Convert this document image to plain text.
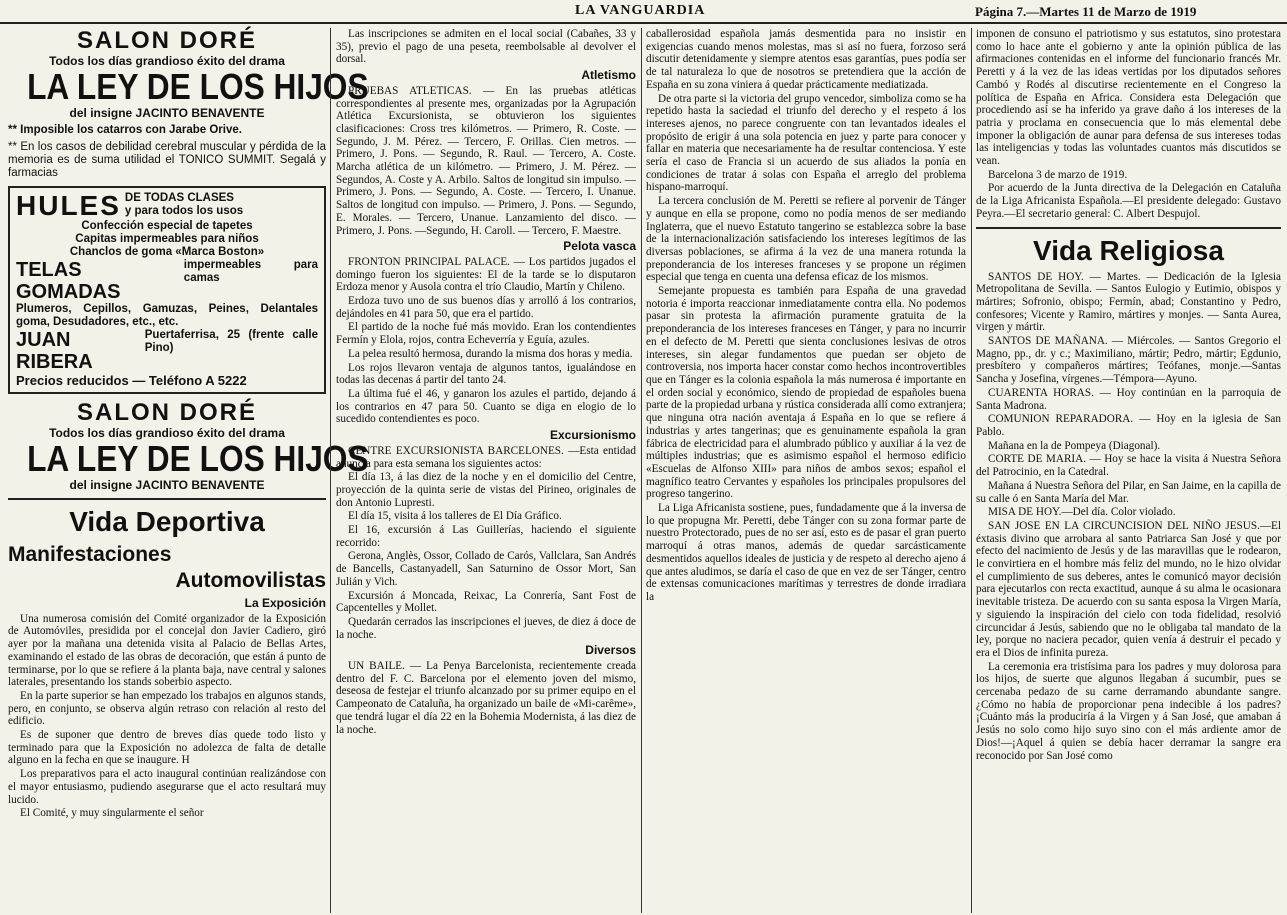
LA VANGUARDIA	Página 7.—Martes 11 de Marzo de 1919
SALON DORÉ
Todos los días grandioso éxito del drama
LA LEY DE LOS HIJOS
del insigne JACINTO BENAVENTE
** Imposible los catarros con Jarabe Orive.
** En los casos de debilidad cerebral muscular y pérdida de la memoria es de suma utilidad el TONICO SUMMIT. Segalá y farmacias
HULES DE TODAS CLASES
y para todos los usos
Confección especial de tapetes
Capitas impermeables para niños
Chanclos de goma «Marca Boston»
TELAS GOMADAS
impermeables para camas
Plumeros, Cepillos, Gamuzas, Peines, Delantales goma, Desudadores, etc., etc.
JUAN RIBERA
Puertaferrisa, 25 (frente calle Pino)
Precios reducidos — Teléfono A 5222
SALON DORÉ
Todos los días grandioso éxito del drama
LA LEY DE LOS HIJOS
del insigne JACINTO BENAVENTE
Vida Deportiva
Manifestaciones
Automovilistas
La Exposición

Una numerosa comisión del Comité organizador de la Exposición de Automóviles, presidida por el concejal don Javier Cadiero, giró ayer por la mañana una detenida visita al Palacio de Bellas Artes, examinando el estado de las obras de decoración, que están á punto de terminarse, por lo que se refiere á la planta baja, nave central y salones laterales, presentando los stands soberbio aspecto.

En la parte superior se han empezado los trabajos en algunos stands, pero, en conjunto, se observa algún retraso con relación al resto del edificio.

Es de suponer que dentro de breves días quede todo listo y terminado para que la Exposición no adolezca de falta de detalle alguno en la fecha en que se inaugure. H

Los preparativos para el acto inaugural continúan realizándose con el mayor entusiasmo, pudiendo asegurarse que el acto resultará muy lucido.

El Comité, y muy singularmente el señor

Las inscripciones se admiten en el local social (Cabañes, 33 y 35), previo el pago de una peseta, reembolsable al devolver el dorsal.

Atletismo

PRUEBAS ATLETICAS. — En las pruebas atléticas correspondientes al presente mes, organizadas por la Agrupación Atlética Excursionista, se obtuvieron los siguientes clasificaciones: Cross tres kilómetros. — Primero, R. Coste. — Segundo, J. M. Pérez. — Tercero, F. Orillas. Cien metros. — Primero, J. Pons. — Segundo, R. Raul. — Tercero, A. Coste. Marcha atlética de un kilómetro. — Primero, J. M. Pérez. — Segundos, A. Coste y A. Arbilo. Saltos de longitud sin impulso. — Primero, J. Pons. — Segundo, A. Coste. — Tercero, I. Unanue. Saltos de longitud con impulso. — Primero, J. Pons. — Segundo, E. Morales. — Tercero, Unanue. Lanzamiento del disco. — Primero, J. Pons. —Segundo, H. Caroll. — Tercero, F. Maestre.

Pelota vasca

FRONTON PRINCIPAL PALACE. — Los partidos jugados el domingo fueron los siguientes: El de la tarde se lo disputaron Erdoza menor y Ausola contra el trío Claudio, Martín y Chileno.

Erdoza tuvo uno de sus buenos días y arrolló á los contrarios, dejándoles en 41 para 50, que era el partido.

El partido de la noche fué más movido. Eran los contendientes Fermín y Elola, rojos, contra Echeverría y Eguía, azules.

La pelea resultó hermosa, durando la misma dos horas y media.

Los rojos llevaron ventaja de algunos tantos, igualándose en todas las decenas á partir del tanto 24.

La última fué el 46, y ganaron los azules el partido, dejando á los contrarios en 47 para 50. Cuanto se diga en elogio de lo sucedido contendientes es poco.

Excursionismo

CENTRE EXCURSIONISTA BARCELONES. —Esta entidad anuncia para esta semana los siguientes actos:

El día 13, á las diez de la noche y en el domicilio del Centre, proyección de la quinta serie de vistas del Pirineo, originales de don Antonio Lupresti.

El día 15, visita á los talleres de El Día Gráfico.

El 16, excursión á Las Guillerías, haciendo el siguiente recorrido:

Gerona, Anglès, Ossor, Collado de Carós, Vallclara, San Andrés de Bancells, Castanyadell, San Saturnino de Ossor Mort, San Julián y Vich.

Excursión á Moncada, Reixac, La Conrería, Sant Fost de Capcentelles y Mollet.

Quedarán cerrados las inscripciones el jueves, de diez á doce de la noche.

Diversos

UN BAILE. — La Penya Barcelonista, recientemente creada dentro del F. C. Barcelona por el elemento joven del mismo, deseosa de festejar el triunfo alcanzado por su primer equipo en el Campeonato de Cataluña, ha organizado un baile de «Mi-carême», que tendrá lugar el día 22 en la Bohemia Modernista, á las diez de la noche.

caballerosidad española jamás desmentida para no insistir en exigencias cuando menos molestas, mas si así no fuera, forzoso será discutir detenidamente y siempre atentos esas garantías, pues podía ser de tal naturaleza lo que de nosotros se pretendiera que la acción de España en su zona viniera á quedar prácticamente mediatizada.

De otra parte si la victoria del grupo vencedor, simboliza como se ha repetido hasta la saciedad el triunfo del derecho y el respeto á los intereses ajenos, no parece congruente con tan levantados ideales el propósito de erigir á una sola potencia en juez y parte para conocer y fallar en materia que necesariamente ha de resultar contenciosa. Y este sería el caso de Francia si un acuerdo de sus aliados la ponía en condiciones de tratar á solas con España el arreglo del problema hispano-marroquí.

La tercera conclusión de M. Peretti se refiere al porvenir de Tánger y aunque en ella se propone, como no podía menos de ser mediando Inglaterra, que el nuevo Estatuto tangerino se establezca sobre la base de la internacionalización satisfaciendo los intereses legítimos de las diversas poblaciones, se afirma á la vez de una manera rotunda la preponderancia de los intereses franceses y se propone un régimen especial que tenga en cuenta una defensa eficaz de los mismos.

Semejante propuesta es también para España de una gravedad notoria é importa reaccionar inmediatamente contra ella. No podemos pasar sin protesta la afirmación puramente gratuita de la preponderancia de los intereses franceses en Tánger, y para no incurrir en el defecto de M. Peretti que sienta conclusiones lesivas de otros intereses, sin alegar fundamentos que puedan ser objeto de controversia, nos importa hacer constar como hechos incontrovertibles que en Tánger es la colonia española la más numerosa é importante en el orden social y económico, siendo de propiedad de españoles buena parte de la propiedad urbana y rústica considerada allí como extranjera; que ninguna otra nación aventaja á España en lo que se refiere á industrias y artes tangerinas; que es genuinamente española la gran fábrica de electricidad para el alumbrado público y auxiliar á la vez de múltiples industrias; que es asimismo español el hermoso edificio «Escuelas de Alfonso XIII» para niños de ambos sexos; español el magnífico teatro Cervantes y españoles los principales propulsores del progreso tangerino.

La Liga Africanista sostiene, pues, fundadamente que á la inversa de lo que propugna Mr. Peretti, debe Tánger con su zona formar parte de nuestro Protectorado, pues de no ser así, esto es de pasar el gran puerto marroquí á otras manos, además de quedar sarcásticamente desmentidos aquellos ideales de justicia y de respeto al derecho ajeno á que antes aludimos, se daría el caso de que en vez de ser Tánger, centro de extensas comunicaciones marítimas y terrestres de donde irradiara la

imponen de consuno el patriotismo y sus estatutos, sino protestara como lo hace ante el gobierno y ante la opinión pública de las afirmaciones contenidas en el informe del funcionario francés Mr. Peretti y á la vez de las ideas vertidas por los diputados señores Cambó y Rodés al discutirse recientemente en el Congreso la política de España en Africa. Considera esta Delegación que procediendo así se ha inferido ya grave daño á los intereses de la patria y proclama en consecuencia que lo más elemental debe imponer la obligación de aunar para defensa de sus intereses todas las inteligencias y todas las voluntades cuantos más discutidos se vean.

Barcelona 3 de marzo de 1919.

Por acuerdo de la Junta directiva de la Delegación en Cataluña de la Liga Africanista Española.—El presidente delegado: Gustavo Peyra.—El secretario general: C. Albert Despujol.

Vida Religiosa

SANTOS DE HOY. — Martes. — Dedicación de la Iglesia Metropolitana de Sevilla. — Santos Eulogio y Eutimio, obispos y mártires; Sofronio, obispo; Fermín, abad; Constantino y Pedro, confesores; Vicente y Ramiro, mártires y monjes. — Santa Aurea, virgen y mártir.

SANTOS DE MAÑANA. — Miércoles. — Santos Gregorio el Magno, pp., dr. y c.; Maximiliano, mártir; Pedro, mártir; Egdunio, presbítero y compañeros mártires; Teófanes, monje.—Santas Sancha y Josefina, vírgenes.—Témpora—Ayuno.

CUARENTA HORAS. — Hoy continúan en la parroquia de Santa Madrona.

COMUNION REPARADORA. — Hoy en la iglesia de San Pablo.

Mañana en la de Pompeya (Diagonal).

CORTE DE MARIA. — Hoy se hace la visita á Nuestra Señora del Patrocinio, en la Catedral.

Mañana á Nuestra Señora del Pilar, en San Jaime, en la capilla de su calle ó en Santa María del Mar.

MISA DE HOY.—Del día. Color violado.

SAN JOSE EN LA CIRCUNCISION DEL NIÑO JESUS.—El éxtasis divino que arrobara al santo Patriarca San José y que por efecto del nacimiento de Jesús y de las maravillas que le rodearon, le convirtiera en el hombre más feliz del mundo, no le hizo olvidar el cumplimiento de sus deberes, antes le comunicó mayor decisión para ejecutarlos con recta exactitud, aunque á su alma le ocasionara inevitable tristeza. De acuerdo con su santa esposa la Virgen María, y siguiendo la inspiración del cielo con toda fidelidad, resolvió circuncidar á Jesús, sabiendo que no le obligaba tal mandato de la ley, porque no naciera pecador, quien venía á destruir el pecado y era el Dios de infinita pureza.

La ceremonia era tristísima para los padres y muy dolorosa para los hijos, de suerte que algunos llegaban á sucumbir, pues se cercenaba pedazo de su carne derramando abundante sangre. ¿Cómo no había de proporcionar pena indecible á los padres? ¡Cuánto más la produciría á la Virgen y á San José, que amaban á Jesús no solo como hijo suyo sino con el más ardiente amor de Dios!—¡Aquel á quien se debía hacer derramar la sangre era reconocido por San José como
